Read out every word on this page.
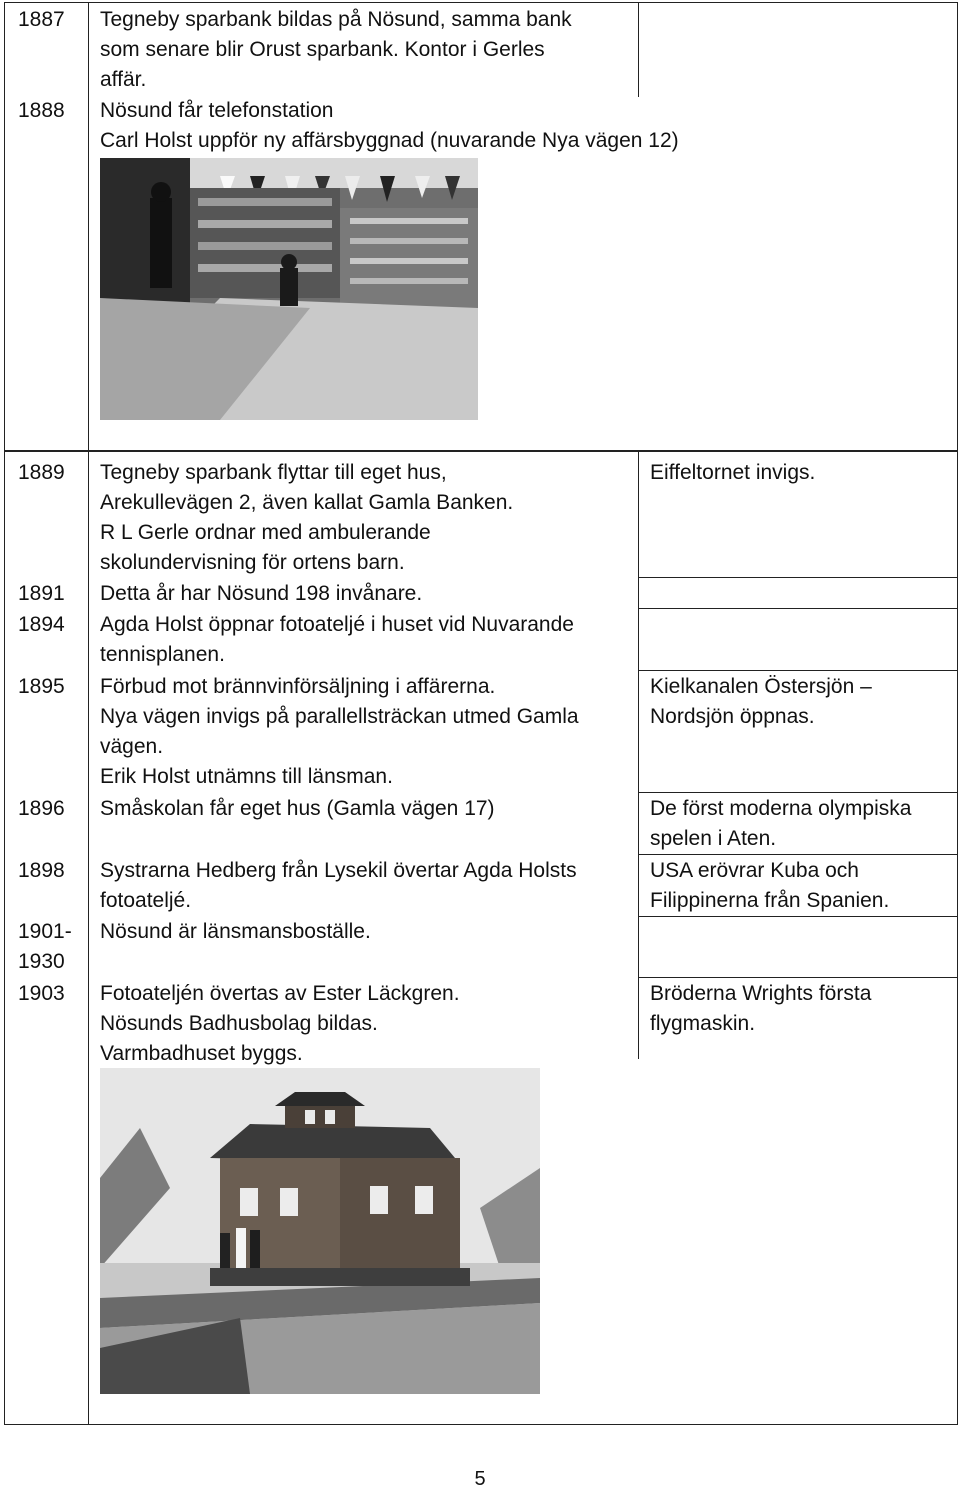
1887 Tegneby sparbank bildas på Nösund, samma bank
som senare blir Orust sparbank. Kontor i Gerles
affär.
1888 Nösund får telefonstation
Carl Holst uppför ny affärsbyggnad (nuvarande Nya vägen 12)
1889 Tegneby sparbank flyttar till eget hus,
Arekullevägen 2, även kallat Gamla Banken.
R L Gerle ordnar med ambulerande
skolundervisning för ortens barn.
Eiffeltornet invigs.
1891 Detta år har Nösund 198 invånare.
1894 Agda Holst öppnar fotoateljé i huset vid Nuvarande
tennisplanen.
1895 Förbud mot brännvinförsäljning i affärerna.
Nya vägen invigs på parallellsträckan utmed Gamla
vägen.
Erik Holst utnämns till länsman.
Kielkanalen Östersjön –
Nordsjön öppnas.
1896 Småskolan får eget hus (Gamla vägen 17)	De först moderna olympiska
spelen i Aten.
1898 Systrarna Hedberg från Lysekil övertar Agda Holsts
fotoateljé.
USA erövrar Kuba och
Filippinerna från Spanien.
1901-
1930
Nösund är länsmansboställe.
1903 Fotoateljén övertas av Ester Läckgren.
Nösunds Badhusbolag bildas.
Varmbadhuset byggs.
Bröderna Wrights första
flygmaskin.
5
